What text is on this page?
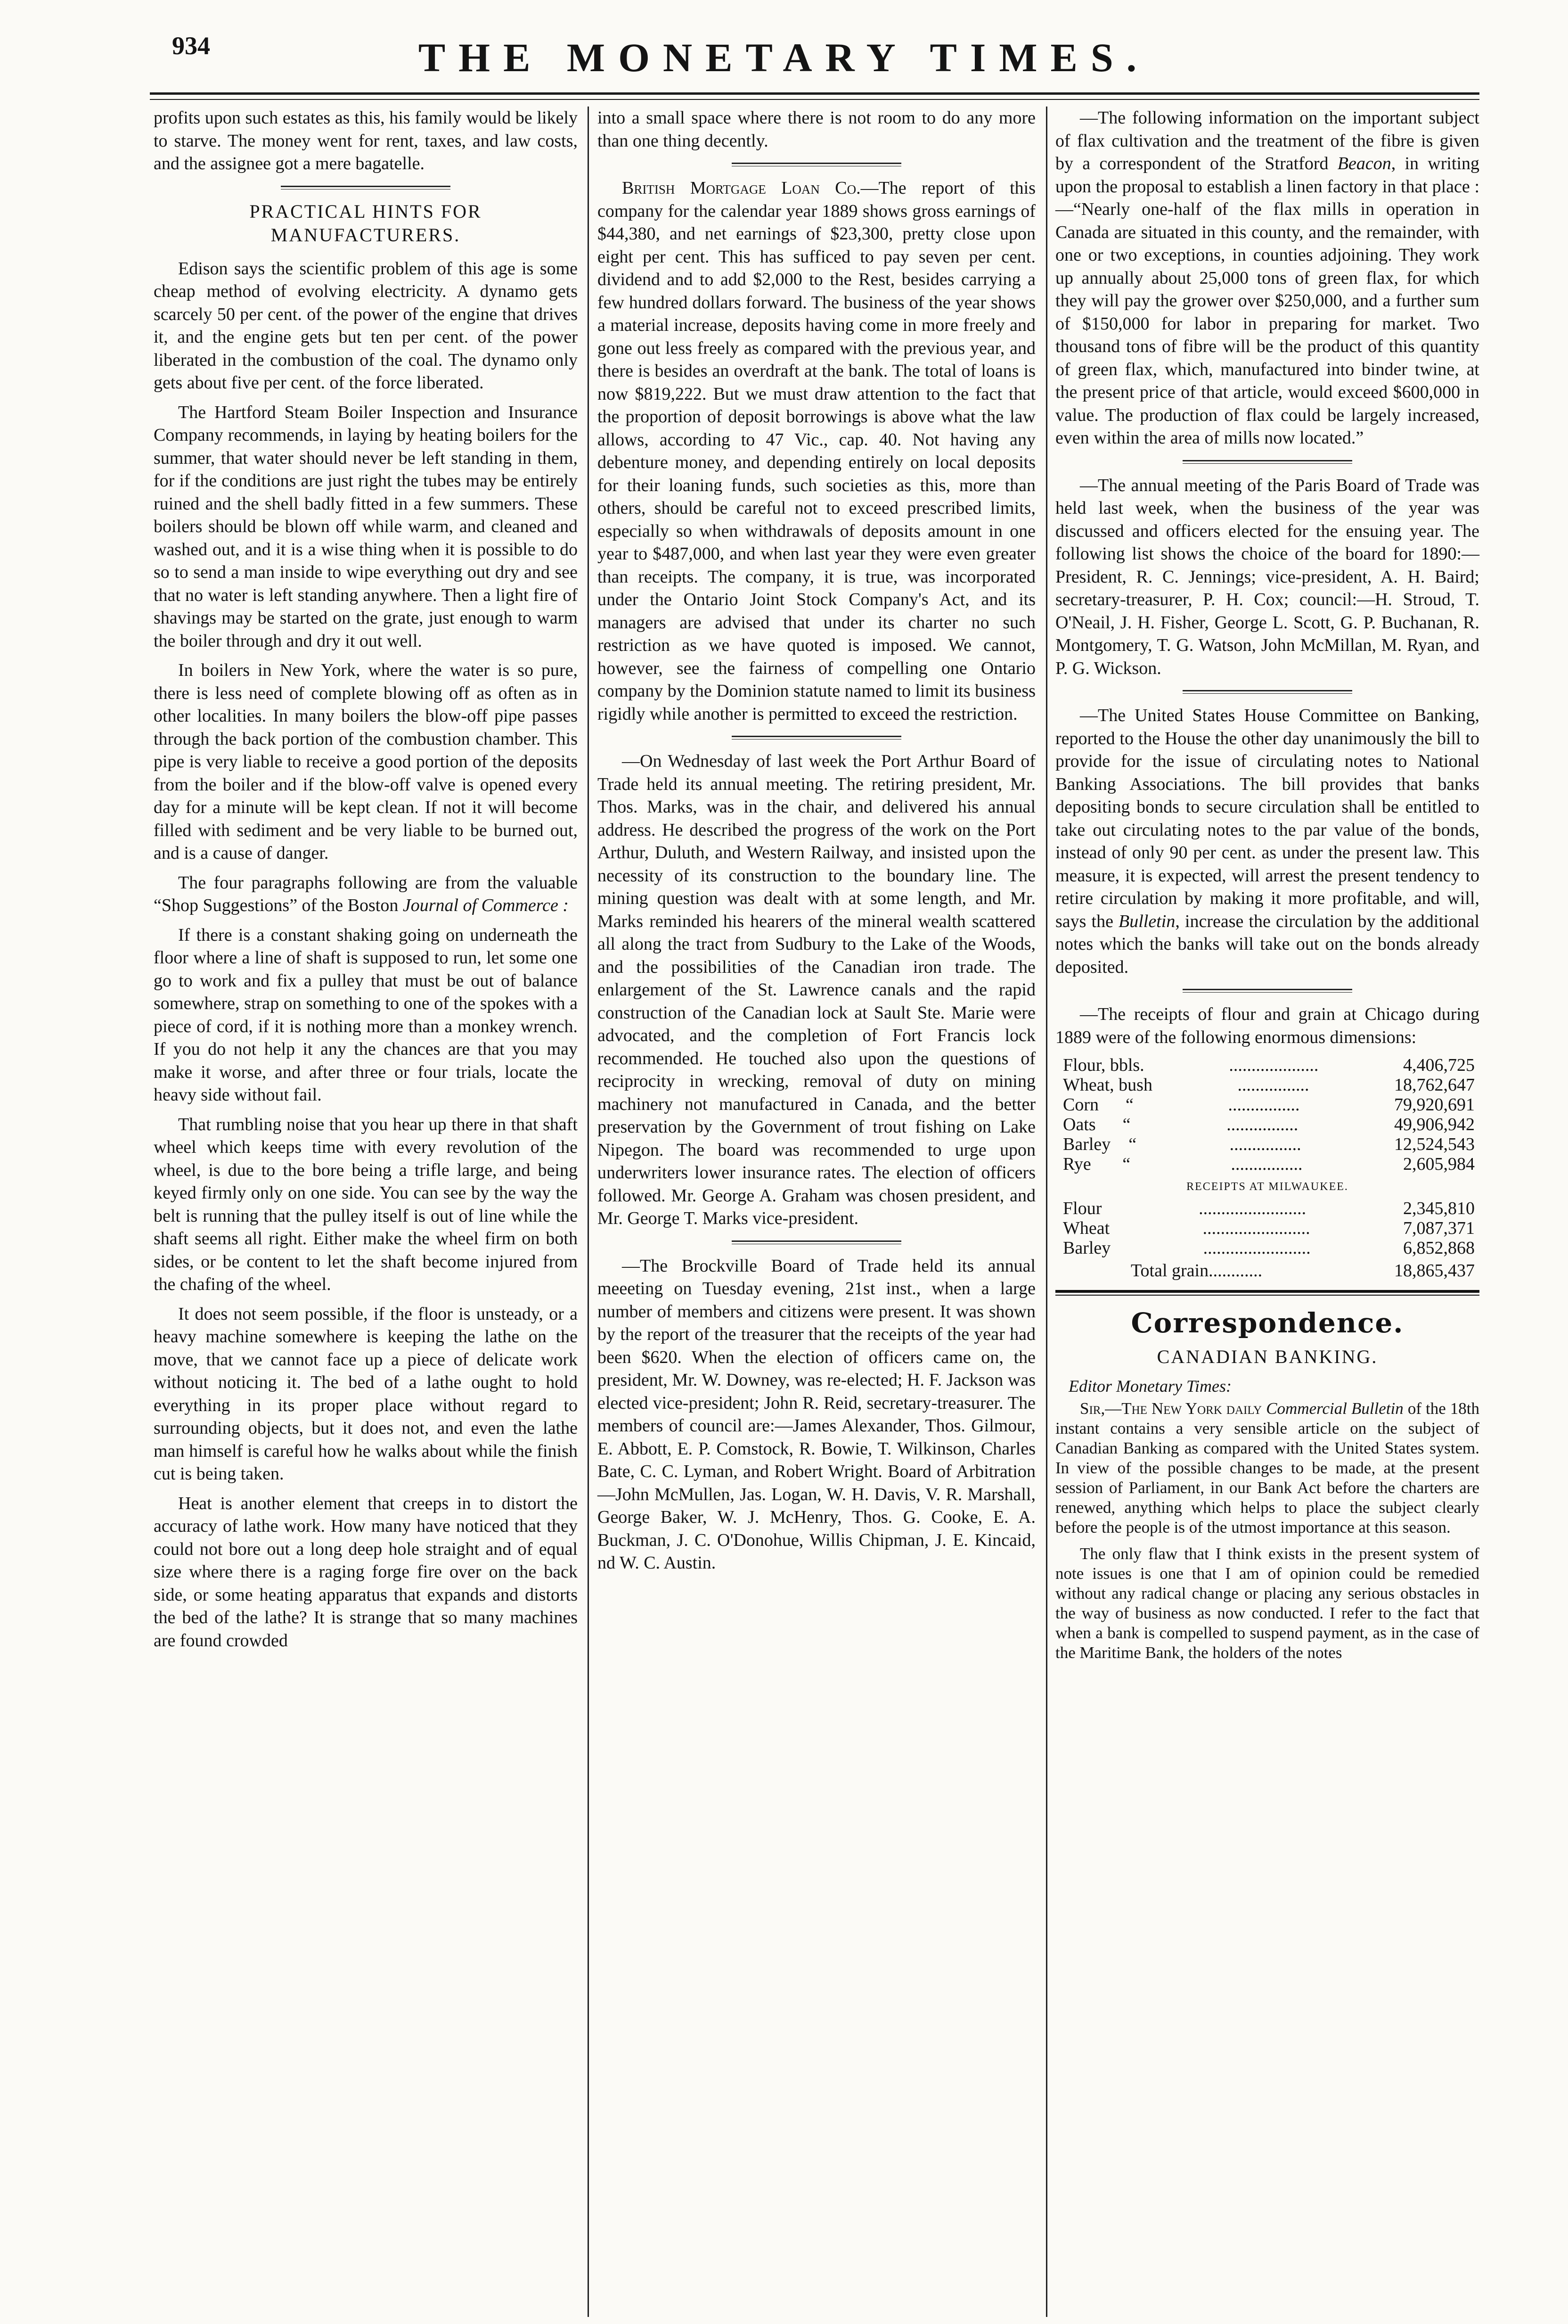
934	THE MONETARY TIMES.

profits upon such estates as this, his family would be likely to starve. The money went for rent, taxes, and law costs, and the assignee got a mere bagatelle.

PRACTICAL HINTS FOR MANUFACTURERS.

Edison says the scientific problem of this age is some cheap method of evolving electricity. A dynamo gets scarcely 50 per cent. of the power of the engine that drives it, and the engine gets but ten per cent. of the power liberated in the combustion of the coal. The dynamo only gets about five per cent. of the force liberated.

The Hartford Steam Boiler Inspection and Insurance Company recommends, in laying by heating boilers for the summer, that water should never be left standing in them, for if the conditions are just right the tubes may be entirely ruined and the shell badly fitted in a few summers. These boilers should be blown off while warm, and cleaned and washed out, and it is a wise thing when it is possible to do so to send a man inside to wipe everything out dry and see that no water is left standing anywhere. Then a light fire of shavings may be started on the grate, just enough to warm the boiler through and dry it out well.

In boilers in New York, where the water is so pure, there is less need of complete blowing off as often as in other localities. In many boilers the blow-off pipe passes through the back portion of the combustion chamber. This pipe is very liable to receive a good portion of the deposits from the boiler and if the blow-off valve is opened every day for a minute will be kept clean. If not it will become filled with sediment and be very liable to be burned out, and is a cause of danger.

The four paragraphs following are from the valuable “Shop Suggestions” of the Boston Journal of Commerce :

If there is a constant shaking going on underneath the floor where a line of shaft is supposed to run, let some one go to work and fix a pulley that must be out of balance somewhere, strap on something to one of the spokes with a piece of cord, if it is nothing more than a monkey wrench. If you do not help it any the chances are that you may make it worse, and after three or four trials, locate the heavy side without fail.

That rumbling noise that you hear up there in that shaft wheel which keeps time with every revolution of the wheel, is due to the bore being a trifle large, and being keyed firmly only on one side. You can see by the way the belt is running that the pulley itself is out of line while the shaft seems all right. Either make the wheel firm on both sides, or be content to let the shaft become injured from the chafing of the wheel.

It does not seem possible, if the floor is unsteady, or a heavy machine somewhere is keeping the lathe on the move, that we cannot face up a piece of delicate work without noticing it. The bed of a lathe ought to hold everything in its proper place without regard to surrounding objects, but it does not, and even the lathe man himself is careful how he walks about while the finish cut is being taken.

Heat is another element that creeps in to distort the accuracy of lathe work. How many have noticed that they could not bore out a long deep hole straight and of equal size where there is a raging forge fire over on the back side, or some heating apparatus that expands and distorts the bed of the lathe? It is strange that so many machines are found crowded

into a small space where there is not room to do any more than one thing decently.

British Mortgage Loan Co.—The report of this company for the calendar year 1889 shows gross earnings of $44,380, and net earnings of $23,300, pretty close upon eight per cent. This has sufficed to pay seven per cent. dividend and to add $2,000 to the Rest, besides carrying a few hundred dollars forward. The business of the year shows a material increase, deposits having come in more freely and gone out less freely as compared with the previous year, and there is besides an overdraft at the bank. The total of loans is now $819,222. But we must draw attention to the fact that the proportion of deposit borrowings is above what the law allows, according to 47 Vic., cap. 40. Not having any debenture money, and depending entirely on local deposits for their loaning funds, such societies as this, more than others, should be careful not to exceed prescribed limits, especially so when withdrawals of deposits amount in one year to $487,000, and when last year they were even greater than receipts. The company, it is true, was incorporated under the Ontario Joint Stock Company's Act, and its managers are advised that under its charter no such restriction as we have quoted is imposed. We cannot, however, see the fairness of compelling one Ontario company by the Dominion statute named to limit its business rigidly while another is permitted to exceed the restriction.

—On Wednesday of last week the Port Arthur Board of Trade held its annual meeting. The retiring president, Mr. Thos. Marks, was in the chair, and delivered his annual address. He described the progress of the work on the Port Arthur, Duluth, and Western Railway, and insisted upon the necessity of its construction to the boundary line. The mining question was dealt with at some length, and Mr. Marks reminded his hearers of the mineral wealth scattered all along the tract from Sudbury to the Lake of the Woods, and the possibilities of the Canadian iron trade. The enlargement of the St. Lawrence canals and the rapid construction of the Canadian lock at Sault Ste. Marie were advocated, and the completion of Fort Francis lock recommended. He touched also upon the questions of reciprocity in wrecking, removal of duty on mining machinery not manufactured in Canada, and the better preservation by the Government of trout fishing on Lake Nipegon. The board was recommended to urge upon underwriters lower insurance rates. The election of officers followed. Mr. George A. Graham was chosen president, and Mr. George T. Marks vice-president.

—The Brockville Board of Trade held its annual meeeting on Tuesday evening, 21st inst., when a large number of members and citizens were present. It was shown by the report of the treasurer that the receipts of the year had been $620. When the election of officers came on, the president, Mr. W. Downey, was re-elected; H. F. Jackson was elected vice-president; John R. Reid, secretary-treasurer. The members of council are:—James Alexander, Thos. Gilmour, E. Abbott, E. P. Comstock, R. Bowie, T. Wilkinson, Charles Bate, C. C. Lyman, and Robert Wright. Board of Arbitration—John McMullen, Jas. Logan, W. H. Davis, V. R. Marshall, George Baker, W. J. McHenry, Thos. G. Cooke, E. A. Buckman, J. C. O'Donohue, Willis Chipman, J. E. Kincaid, nd W. C. Austin.

—The following information on the important subject of flax cultivation and the treatment of the fibre is given by a correspondent of the Stratford Beacon, in writing upon the proposal to establish a linen factory in that place :—“Nearly one-half of the flax mills in operation in Canada are situated in this county, and the remainder, with one or two exceptions, in counties adjoining. They work up annually about 25,000 tons of green flax, for which they will pay the grower over $250,000, and a further sum of $150,000 for labor in preparing for market. Two thousand tons of fibre will be the product of this quantity of green flax, which, manufactured into binder twine, at the present price of that article, would exceed $600,000 in value. The production of flax could be largely increased, even within the area of mills now located.”

—The annual meeting of the Paris Board of Trade was held last week, when the business of the year was discussed and officers elected for the ensuing year. The following list shows the choice of the board for 1890:—President, R. C. Jennings; vice-president, A. H. Baird; secretary-treasurer, P. H. Cox; council:—H. Stroud, T. O'Neail, J. H. Fisher, George L. Scott, G. P. Buchanan, R. Montgomery, T. G. Watson, John McMillan, M. Ryan, and P. G. Wickson.

—The United States House Committee on Banking, reported to the House the other day unanimously the bill to provide for the issue of circulating notes to National Banking Associations. The bill provides that banks depositing bonds to secure circulation shall be entitled to take out circulating notes to the par value of the bonds, instead of only 90 per cent. as under the present law. This measure, it is expected, will arrest the present tendency to retire circulation by making it more profitable, and will, says the Bulletin, increase the circulation by the additional notes which the banks will take out on the bonds already deposited.

—The receipts of flour and grain at Chicago during 1889 were of the following enormous dimensions:

Flour, bbls.	....................	4,406,725
Wheat, bush	................	18,762,647
Corn      “	................	79,920,691
Oats      “	................	49,906,942
Barley    “	................	12,524,543
Rye       “	................	2,605,984
RECEIPTS AT MILWAUKEE.
Flour	........................	2,345,810
Wheat	........................	7,087,371
Barley	........................	6,852,868
Total grain............	18,865,437
Correspondence.
CANADIAN BANKING.
Editor Monetary Times:

Sir,—The New York daily Commercial Bulletin of the 18th instant contains a very sensible article on the subject of Canadian Banking as compared with the United States system. In view of the possible changes to be made, at the present session of Parliament, in our Bank Act before the charters are renewed, anything which helps to place the subject clearly before the people is of the utmost importance at this season.

The only flaw that I think exists in the present system of note issues is one that I am of opinion could be remedied without any radical change or placing any serious obstacles in the way of business as now conducted. I refer to the fact that when a bank is compelled to suspend payment, as in the case of the Maritime Bank, the holders of the notes
